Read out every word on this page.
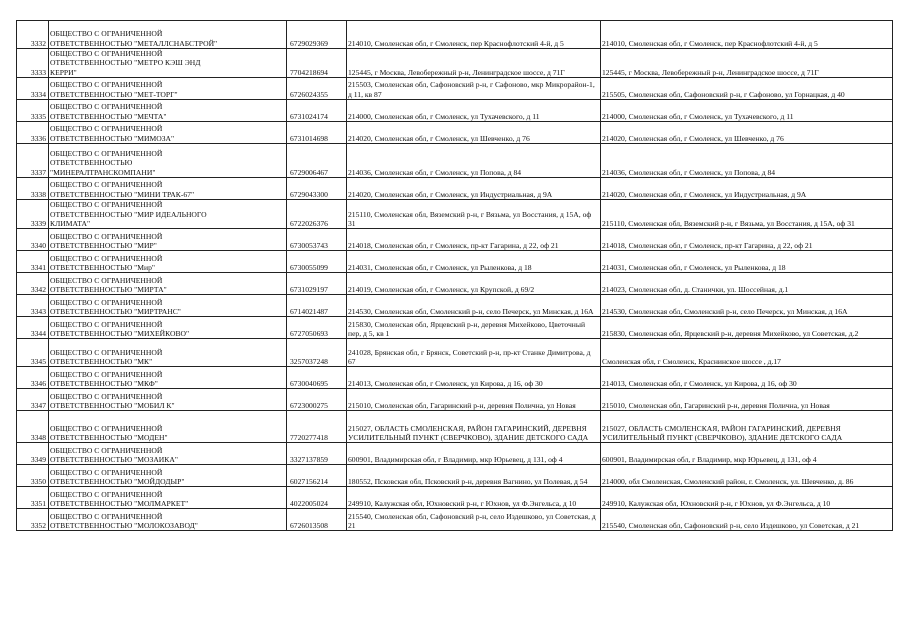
3332	ОБЩЕСТВО С ОГРАНИЧЕННОЙ
ОТВЕТСТВЕННОСТЬЮ "МЕТАЛЛСНАБСТРОЙ"	6729029369	214010, Смоленская обл, г Смоленск, пер Краснофлотский 4-й, д 5	214010, Смоленская обл, г Смоленск, пер Краснофлотский 4-й, д 5
3333	ОБЩЕСТВО С ОГРАНИЧЕННОЙ
ОТВЕТСТВЕННОСТЬЮ "МЕТРО КЭШ ЭНД
КЕРРИ"	7704218694	125445, г Москва, Левобережный р-н, Ленинградское шоссе, д 71Г	125445, г Москва, Левобережный р-н, Ленинградское шоссе, д 71Г
3334	ОБЩЕСТВО С ОГРАНИЧЕННОЙ
ОТВЕТСТВЕННОСТЬЮ "МЕТ-ТОРГ"	6726024355	215503, Смоленская обл, Сафоновский р-н, г Сафоново, мкр Микрорайон-1, д 11, кв 87	215505, Смоленская обл, Сафоновский р-н, г Сафоново, ул Горнацкая, д 40
3335	ОБЩЕСТВО С ОГРАНИЧЕННОЙ
ОТВЕТСТВЕННОСТЬЮ "МЕЧТА"	6731024174	214000, Смоленская обл, г Смоленск, ул Тухачевского, д 11	214000, Смоленская обл, г Смоленск, ул Тухачевского, д 11
3336	ОБЩЕСТВО С ОГРАНИЧЕННОЙ
ОТВЕТСТВЕННОСТЬЮ "МИМОЗА"	6731014698	214020, Смоленская обл, г Смоленск, ул Шевченко, д 76	214020, Смоленская обл, г Смоленск, ул Шевченко, д 76
3337	ОБЩЕСТВО С ОГРАНИЧЕННОЙ
ОТВЕТСТВЕННОСТЬЮ
"МИНЕРАЛТРАНСКОМПАНИ"	6729006467	214036, Смоленская обл, г Смоленск, ул Попова, д 84	214036, Смоленская обл, г Смоленск, ул Попова, д 84
3338	ОБЩЕСТВО С ОГРАНИЧЕННОЙ
ОТВЕТСТВЕННОСТЬЮ "МИНИ ТРАК-67"	6729043300	214020, Смоленская обл, г Смоленск, ул Индустриальная, д 9А	214020, Смоленская обл, г Смоленск, ул Индустриальная, д 9А
3339	ОБЩЕСТВО С ОГРАНИЧЕННОЙ
ОТВЕТСТВЕННОСТЬЮ "МИР ИДЕАЛЬНОГО
КЛИМАТА"	6722026376	215110, Смоленская обл, Вяземский р-н, г Вязьма, ул Восстания, д 15А, оф 31	215110, Смоленская обл, Вяземский р-н, г Вязьма, ул Восстания, д 15А, оф 31
3340	ОБЩЕСТВО С ОГРАНИЧЕННОЙ
ОТВЕТСТВЕННОСТЬЮ "МИР"	6730053743	214018, Смоленская обл, г Смоленск, пр-кт Гагарина, д 22, оф 21	214018, Смоленская обл, г Смоленск, пр-кт Гагарина, д 22, оф 21
3341	ОБЩЕСТВО С ОГРАНИЧЕННОЙ
ОТВЕТСТВЕННОСТЬЮ "Мир"	6730055099	214031, Смоленская обл, г Смоленск, ул Рыленкова, д 18	214031, Смоленская обл, г Смоленск, ул Рыленкова, д 18
3342	ОБЩЕСТВО С ОГРАНИЧЕННОЙ
ОТВЕТСТВЕННОСТЬЮ "МИРТА"	6731029197	214019, Смоленская обл, г Смоленск, ул Крупской, д 69/2	214023, Смоленская обл, д. Станички, ул. Шоссейная, д.1
3343	ОБЩЕСТВО С ОГРАНИЧЕННОЙ
ОТВЕТСТВЕННОСТЬЮ "МИРТРАНС"	6714021487	214530, Смоленская обл, Смоленский р-н, село Печерск, ул Минская, д 16А	214530, Смоленская обл, Смоленский р-н, село Печерск, ул Минская, д 16А
3344	ОБЩЕСТВО С ОГРАНИЧЕННОЙ
ОТВЕТСТВЕННОСТЬЮ "МИХЕЙКОВО"	6727050693	215830, Смоленская обл, Ярцевский р-н, деревня Михейково, Цветочный пер, д 5, кв 1	215830, Смоленская обл, Ярцевский р-н, деревня Михейково, ул Советская, д.2
3345	ОБЩЕСТВО С ОГРАНИЧЕННОЙ
ОТВЕТСТВЕННОСТЬЮ "МК"	3257037248	241028, Брянская обл, г Брянск, Советский р-н, пр-кт Станке Димитрова, д 67	Смоленская обл, г Смоленск, Краснинское шоссе , д.17
3346	ОБЩЕСТВО С ОГРАНИЧЕННОЙ
ОТВЕТСТВЕННОСТЬЮ "МКФ"	6730040695	214013, Смоленская обл, г Смоленск, ул Кирова, д 16, оф 30	214013, Смоленская обл, г Смоленск, ул Кирова, д 16, оф 30
3347	ОБЩЕСТВО С ОГРАНИЧЕННОЙ
ОТВЕТСТВЕННОСТЬЮ "МОБИЛ К"	6723000275	215010, Смоленская обл, Гагаринский р-н, деревня Полична, ул Новая	215010, Смоленская обл, Гагаринский р-н, деревня Полична, ул Новая
3348	ОБЩЕСТВО С ОГРАНИЧЕННОЙ
ОТВЕТСТВЕННОСТЬЮ "МОДЕН"	7720277418	215027, ОБЛАСТЬ СМОЛЕНСКАЯ, РАЙОН ГАГАРИНСКИЙ, ДЕРЕВНЯ УСИЛИТЕЛЬНЫЙ ПУНКТ (СВЕРЧКОВО), ЗДАНИЕ ДЕТСКОГО САДА	215027, ОБЛАСТЬ СМОЛЕНСКАЯ, РАЙОН ГАГАРИНСКИЙ, ДЕРЕВНЯ УСИЛИТЕЛЬНЫЙ ПУНКТ (СВЕРЧКОВО), ЗДАНИЕ ДЕТСКОГО САДА
3349	ОБЩЕСТВО С ОГРАНИЧЕННОЙ
ОТВЕТСТВЕННОСТЬЮ "МОЗАИКА"	3327137859	600901, Владимирская обл, г Владимир, мкр Юрьевец, д 131, оф 4	600901, Владимирская обл, г Владимир, мкр Юрьевец, д 131, оф 4
3350	ОБЩЕСТВО С ОГРАНИЧЕННОЙ
ОТВЕТСТВЕННОСТЬЮ "МОЙДОДЫР"	6027156214	180552, Псковская обл, Псковский р-н, деревня Вагнино, ул Полевая, д 54	214000, обл Смоленская, Смоленский район, г. Смоленск, ул. Шевченко, д. 86
3351	ОБЩЕСТВО С ОГРАНИЧЕННОЙ
ОТВЕТСТВЕННОСТЬЮ "МОЛМАРКЕТ"	4022005024	249910, Калужская обл, Юхновский р-н, г Юхнов, ул Ф.Энгельса, д 10	249910, Калужская обл, Юхновский р-н, г Юхнов, ул Ф.Энгельса, д 10
3352	ОБЩЕСТВО С ОГРАНИЧЕННОЙ
ОТВЕТСТВЕННОСТЬЮ "МОЛОКОЗАВОД"	6726013508	215540, Смоленская обл, Сафоновский р-н, село Издешково, ул Советская, д 21	215540, Смоленская обл, Сафоновский р-н, село Издешково, ул Советская, д 21
